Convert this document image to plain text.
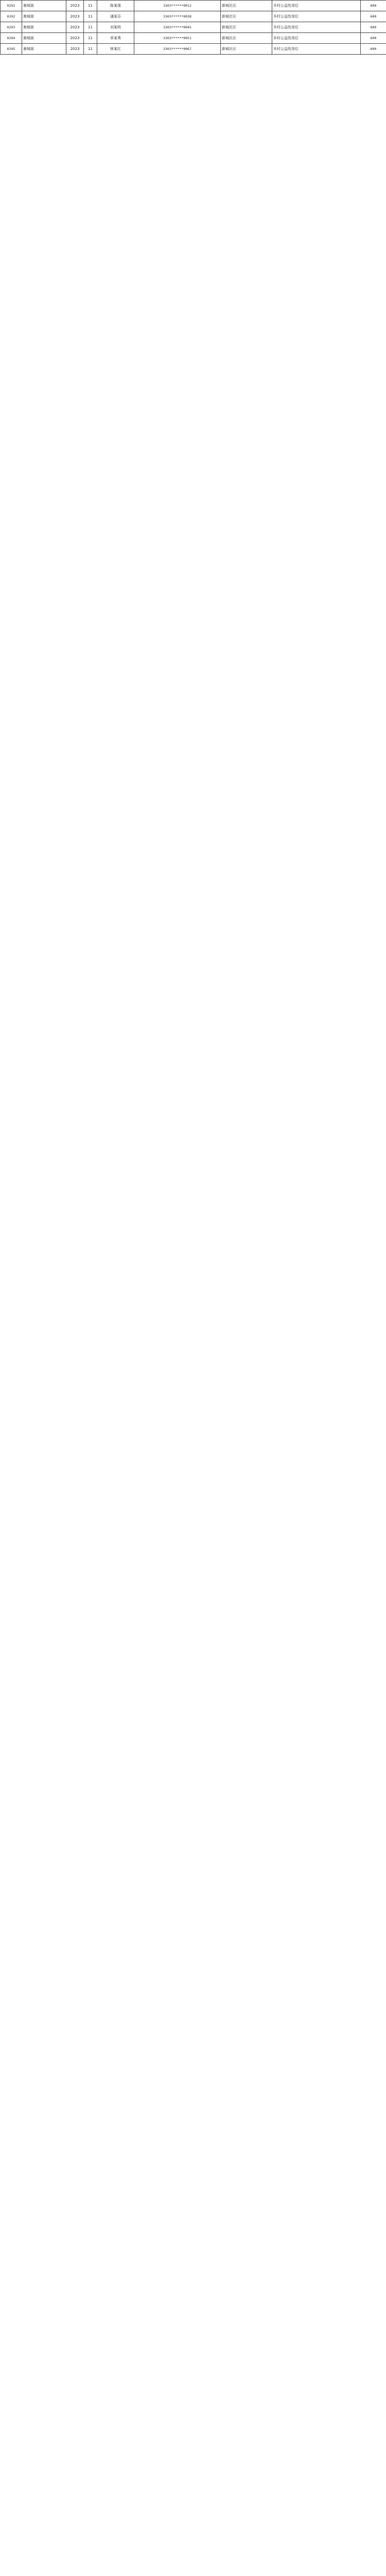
0291	鹿城街	2023	11	陈某强	3303******0012	新城社区	乡村公益性岗位	600
0292	鹿城街	2023	11	潘某芬	3303******0038	新城社区	乡村公益性岗位	600
0293	鹿城街	2023	11	刘某明	3303******0045	新城社区	乡村公益性岗位	600
0294	鹿城街	2023	11	章某勇	3303******0051	新城社区	乡村公益性岗位	600
0295	鹿城街	2023	11	林某红	3303******0067	新城社区	乡村公益性岗位	600
